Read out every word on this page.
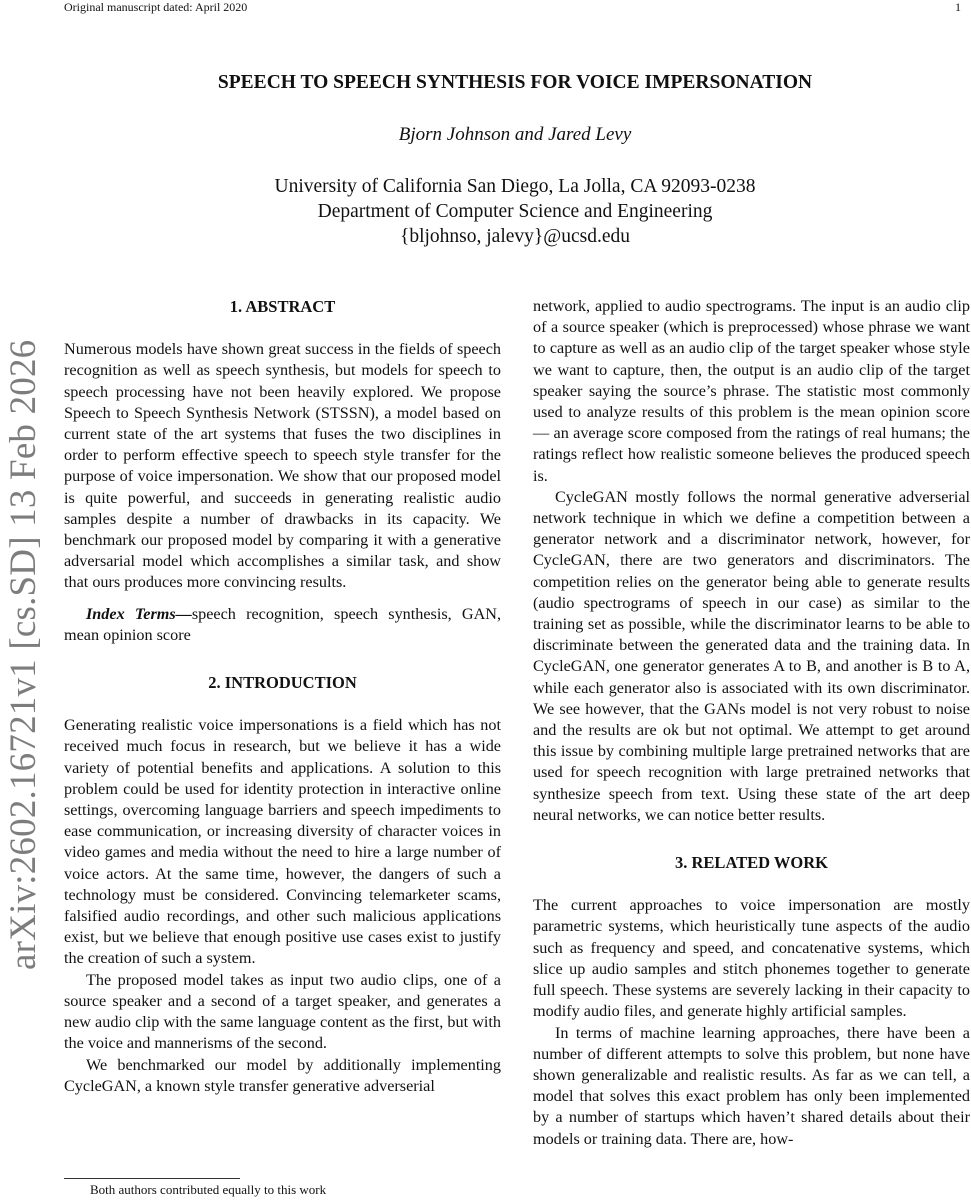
Original manuscript dated: April 2020	1
arXiv:2602.16721v1 [cs.SD] 13 Feb 2026
SPEECH TO SPEECH SYNTHESIS FOR VOICE IMPERSONATION
Bjorn Johnson and Jared Levy
University of California San Diego, La Jolla, CA 92093-0238
Department of Computer Science and Engineering
{bljohnso, jalevy}@ucsd.edu
1. ABSTRACT

Numerous models have shown great success in the fields of speech recognition as well as speech synthesis, but models for speech to speech processing have not been heavily explored. We propose Speech to Speech Synthesis Network (STSSN), a model based on current state of the art systems that fuses the two disciplines in order to perform effective speech to speech style transfer for the purpose of voice impersonation. We show that our proposed model is quite powerful, and succeeds in generating realistic audio samples despite a number of drawbacks in its capacity. We benchmark our proposed model by comparing it with a generative adversarial model which accomplishes a similar task, and show that ours produces more convincing results.

Index Terms—speech recognition, speech synthesis, GAN, mean opinion score

2. INTRODUCTION

Generating realistic voice impersonations is a field which has not received much focus in research, but we believe it has a wide variety of potential benefits and applications. A solution to this problem could be used for identity protection in interactive online settings, overcoming language barriers and speech impediments to ease communication, or increasing diversity of character voices in video games and media without the need to hire a large number of voice actors. At the same time, however, the dangers of such a technology must be considered. Convincing telemarketer scams, falsified audio recordings, and other such malicious applications exist, but we believe that enough positive use cases exist to justify the creation of such a system.

The proposed model takes as input two audio clips, one of a source speaker and a second of a target speaker, and generates a new audio clip with the same language content as the first, but with the voice and mannerisms of the second.

We benchmarked our model by additionally implementing CycleGAN, a known style transfer generative adverserial

network, applied to audio spectrograms. The input is an audio clip of a source speaker (which is preprocessed) whose phrase we want to capture as well as an audio clip of the target speaker whose style we want to capture, then, the output is an audio clip of the target speaker saying the source’s phrase. The statistic most commonly used to analyze results of this problem is the mean opinion score — an average score composed from the ratings of real humans; the ratings reflect how realistic someone believes the produced speech is.

CycleGAN mostly follows the normal generative adverserial network technique in which we define a competition between a generator network and a discriminator network, however, for CycleGAN, there are two generators and discriminators. The competition relies on the generator being able to generate results (audio spectrograms of speech in our case) as similar to the training set as possible, while the discriminator learns to be able to discriminate between the generated data and the training data. In CycleGAN, one generator generates A to B, and another is B to A, while each generator also is associated with its own discriminator. We see however, that the GANs model is not very robust to noise and the results are ok but not optimal. We attempt to get around this issue by combining multiple large pretrained networks that are used for speech recognition with large pretrained networks that synthesize speech from text. Using these state of the art deep neural networks, we can notice better results.

3. RELATED WORK

The current approaches to voice impersonation are mostly parametric systems, which heuristically tune aspects of the audio such as frequency and speed, and concatenative systems, which slice up audio samples and stitch phonemes together to generate full speech. These systems are severely lacking in their capacity to modify audio files, and generate highly artificial samples.

In terms of machine learning approaches, there have been a number of different attempts to solve this problem, but none have shown generalizable and realistic results. As far as we can tell, a model that solves this exact problem has only been implemented by a number of startups which haven’t shared details about their models or training data. There are, how-

Both authors contributed equally to this work
